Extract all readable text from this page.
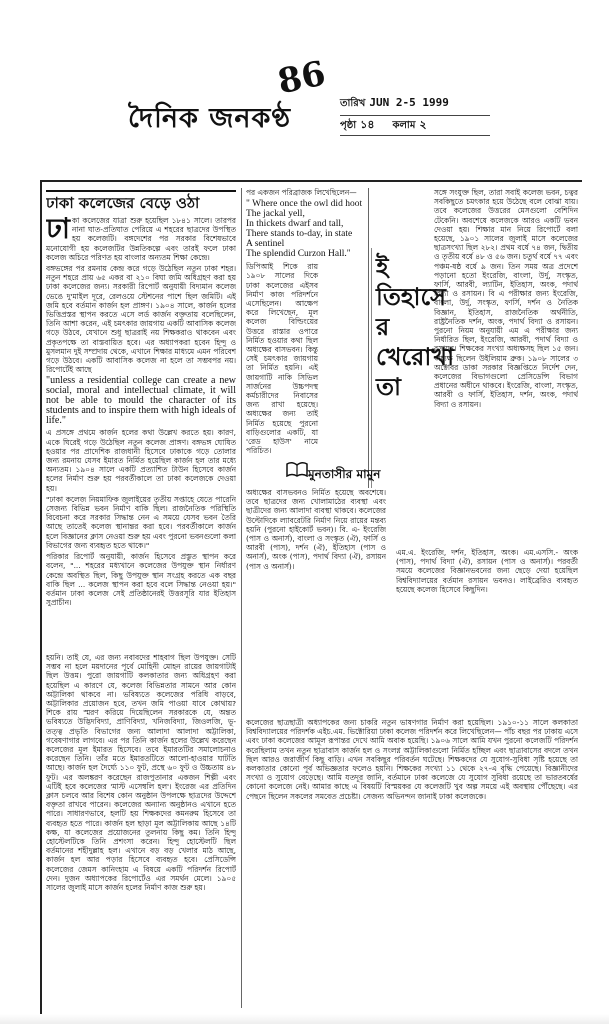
86
দৈনিক জনকণ্ঠ	তারিখ JUN 2-5 1999
পৃষ্ঠা ১৪ কলাম ২
ঢাকা কলেজের বেড়ে ওঠা

ঢাকা কলেজের যাত্রা শুরু হয়েছিল ১৮৪১ সালে। তারপর নানা ঘাত-প্রতিঘাত পেরিয়ে এ শহরের ছাত্রদের উপস্থিত হয় কলেজটি। বঙ্গদেশের পর সরকার বিশেষভাবে মনোযোগী হয় কলেজটির উন্নতিকল্পে এবং তারই ফলে ঢাকা কলেজ অচিরে পরিণত হয় বাংলার অন্যতম শিক্ষা কেন্দ্রে।

বঙ্গভঙ্গের পর রমনায় কেন্দ্র করে গড়ে উঠেছিল নতুন ঢাকা শহর। নতুন শহরে প্রায় ৬৫ একর বা ২১০ বিঘা জমি অধিগ্রহণ করা হয় ঢাকা কলেজের জন্য। সরকারী রিপোর্ট অনুযায়ী বিদ্যমান কলেজ ভেঙে দু'মাইল দূরে, রেলওয়ে স্টেশনের পাশে ছিল জমিটি। এই জমি হবে বর্তমান কার্জন হল প্রাঙ্গণ। ১৯০৪ সালে, কার্জন হলের ভিত্তিপ্রস্তর স্থাপন করতে এসে লর্ড কার্জন বক্তৃতায় বলেছিলেন, তিনি আশা করেন, এই চমৎকার জায়গায় একটি আবাসিক কলেজ গড়ে উঠবে, যেখানে শুধু ছাত্ররাই নয় শিক্ষকরাও থাকবেন এবং প্রকৃতপক্ষে তা বাস্তবায়িত হবে। এর অধ্যাপকরা হবেন হিন্দু ও মুসলমান দুই সম্প্রদায় থেকে, এখানে শিক্ষার মাধ্যমে এমন পরিবেশ গড়ে উঠবে। একটি আবাসিক কলেজ না হলে তা সম্ভবপর নয়। রিপোর্টেই আছে

"unless a residential college can create a new social, moral and intellectual climate, it will not be able to mould the character of its students and to inspire them with high ideals of life."

এ প্রসঙ্গে প্রথমে কার্জন হলের কথা উল্লেখ করতে হয়। কারণ, একে ঘিরেই গড়ে উঠেছিল নতুন কলেজ প্রাঙ্গণ। বঙ্গভঙ্গ ঘোষিত হওয়ার পর প্রাদেশিক রাজধানী হিসেবে ঢাকাকে গড়ে তোলার জন্য রমনায় যেসব ইমারত নির্মিত হয়েছিল কার্জন হল তার মধ্যে অন্যতম। ১৯০৪ সালে একটি প্রত্যাশিত টাউন হিসেবে কার্জন হলের নির্মাণ শুরু হয় পরবর্তীকালে তা ঢাকা কলেজকে দেওয়া হয়।

"ঢাকা কলেজ নিয়মাফিক জুলাইয়ের তৃতীয় সপ্তাহে যেতে পারেনি সেজন্য বিভিন্ন ভবন নির্মাণ বাকি ছিল। রাজনৈতিক পরিস্থিতি বিবেচনা করে সরকার সিদ্ধান্ত নেন এ সময়ে যেসব ভবন তৈরি আছে তাতেই কলেজ স্থানান্তর করা হবে। পরবর্তীকালে কার্জন হলে বিজ্ঞানের ক্লাস নেওয়া শুরু হয় এবং পুরনো ভবনগুলো কলা বিভাগের জন্য ব্যবহৃত হতে থাকে।"

পরিকার রিপোর্ট অনুযায়ী, কার্জন হিসেবে প্রস্তুত স্থাপন করে বলেন, "... শহরের মধ্যখানে কলেজের উপযুক্ত স্থান নির্ধারণ কেন্দ্রে অবস্থিত ছিল, কিছু উপযুক্ত স্থান সংগ্রহ করতে এক বছর বাকি ছিল ... কলেজ স্থাপন করা হবে বলে সিদ্ধান্ত নেওয়া হয়।" বর্তমান ঢাকা কলেজ সেই প্রতিষ্ঠানেরই উত্তরসূরি যার ইতিহাস সুপ্রাচীন।

পর একজন পরিব্রাজক লিখেছিলেন—

" Where once the owl did hoot
The jackal yell,
In thickets dwarf and tall,
There stands to-day, in state
A sentinel
The splendid Curzon Hall."

ডিপিআই শিকে রায় ১৯০৮ সালের দিকে ঢাকা কলেজের এইসব নির্মাণ কাজ পরিদর্শনে এসেছিলেন। আক্ষেপ করে লিখেছেন, মূল কলেজ বিল্ডিংয়ের উত্তরে রাস্তার ওপারে নির্মিত হওয়ার কথা ছিল অধ্যক্ষের বাসভবন। কিন্তু সেই চমৎকার জায়গায় তা নির্মিত হয়নি। এই জায়গাটি নাকি সিভিল সার্জনের উচ্চপদস্থ কর্মচারীদের নিবাসের জন্য রাখা হয়েছে। অধ্যক্ষের জন্য তাই নির্মিত হয়েছে পুরনো বাড়িগুলোর একটি, যা 'রেড হাউস' নামে পরিচিত।

ইতিহাসের খেরোখাতা
মুনতাসীর মামুন

সঙ্গে সংযুক্ত ছিল, তারা সবাই কলেজ ভবন, চত্বর সবকিছুতে চমৎকার হয়ে উঠেছে বলে বোঝা যায়। তবে কলেজের উত্তরের মেসগুলো বেশিদিন টেকেনি। অবশেষে কলেজকে আরও একটি ভবন দেওয়া হয়। শিক্ষার মান নিয়ে রিপোর্টে বলা হয়েছে, ১৯০১ সালের জুলাই মাসে কলেজের ছাত্রসংখ্যা ছিল ২৮২। প্রথম বর্ষে ৭৪ জন, দ্বিতীয় ও তৃতীয় বর্ষে ৪৮ ও ৫৬ জন। চতুর্থ বর্ষে ৭৭ এবং পঞ্চম-ষষ্ঠ বর্ষে ৯ জন। তিন সময় অত্র প্রদেশে পড়ানো হতো ইংরেজি, বাংলা, উর্দু, সংস্কৃত, ফার্সি, আরবী, ল্যাটিন, ইতিহাস, অংক, পদার্থ বিদ্যা ও রসায়ন। বি এ পরীক্ষার জন্য ইংরেজি, বাংলা, উর্দু, সংস্কৃত, ফার্সি, দর্শন ও নৈতিক বিজ্ঞান, ইতিহাস, রাজনৈতিক অর্থনীতি, রাষ্ট্রনৈতিক দর্শন, অংক, পদার্থ বিদ্যা ও রসায়ন। পুরনো নিয়ম অনুযায়ী এম এ পরীক্ষার জন্য নির্ধারিত ছিল, ইংরেজি, আরবী, পদার্থ বিদ্যা ও রসায়ন। শিক্ষকের সংখ্যা অধ্যক্ষসহ ছিল ১৫ জন। অধ্যক্ষ ছিলেন উইলিয়াম ব্রুক। ১৯০৮ সালের ৩ অক্টোবর ডাকা সরকার বিজ্ঞপ্তিতে নির্দেশ দেন, কলেজের বিভাগগুলো প্রেসিডেন্সি বিভাগ প্রধানের অধীনে থাকবে। ইংরেজি, বাংলা, সংস্কৃত, আরবী ও ফার্সি, ইতিহাস, দর্শন, অংক, পদার্থ বিদ্যা ও রসায়ন।

হয়নি। তাই যে, এর জন্য নবাবদের শাহবাগ ছিল উপযুক্ত। সেটি সম্ভব না হলে ময়দানের পূর্বে মোহিনী মোহন রায়ের জায়গাটাই ছিল উত্তম। পুরো জায়গাটি কলকাতার জন্য অধিগ্রহণ করা হয়েছিল এ কারণে যে, কলেজ বিভিন্নতার সামনে আর কোন অট্টালিকা থাকবে না। ভবিষ্যতে কলেজের পরিধি বাড়বে, অট্টালিকার প্রয়োজন হবে, তখন জমি পাওয়া যাবে কোথায়? শিকে রায় স্মরণ করিয়ে দিয়েছিলেন সরকারকে যে, অন্তত ভবিষ্যতে উদ্ভিদবিদ্যা, প্রাণিবিদ্যা, খনিজবিদ্যা, জিওলজি, ভূ-তত্ত্ব প্রভৃতি বিভাগের জন্য আলাদা আলাদা অট্টালিকা, গবেষণাগার লাগবে। এর পর তিনি কার্জন হলের উল্লেখ করেছেন কলেজের মূল ইমারত হিসেবে। তবে ইমারতটির সমালোচনাও করেছেন তিনি। তাঁর মতে ইমারতটিতে আলো-হাওয়ার ঘাটতি আছে। কার্জন হল দৈর্ঘ্যে ১১০ ফুট, প্রস্থে ৬০ ফুট ও উচ্চতায় ৪৮ ফুট। এর অলঙ্করণ করেছেন রাজপুতানার একজন শিল্পী এবং এটিই হবে কলেজের 'মাস্ট এসেম্বলি হল'। ইংরেজ এর প্রতিদিন ক্লাস চলবে আর বিশেষ কোন অনুষ্ঠান উপলক্ষে ছাত্রদের উদ্দেশে বক্তৃতা রাখবে পারেন। কলেজের অন্যান্য অনুষ্ঠানও এখানে হতে পারে। সাধারণভাবে, হলটি হয় শিক্ষকদের কমনরুম হিসেবে তা ব্যবহৃত হতে পারে। কার্জন হল ছাড়া মূল অট্টালিকায় আছে ১৪টি কক্ষ, যা কলেজের প্রয়োজনের তুলনায় কিছু কম। তিনি হিন্দু হোস্টেলটিকে তিনি প্রশংসা করেন। হিন্দু হোস্টেলটি ছিল বর্তমানের শহীদুল্লাহ হল। এখানে বড় বড় খেলার মাঠ আছে, কার্জন হল আর পড়ার হিসেবে ব্যবহৃত হবে। প্রেসিডেন্সি কলেজের জেমস কানিংহাম এ বিষয়ে একটি পরিদর্শন রিপোর্ট দেন। দুজন অধ্যাপকের রিপোর্টেও এর সমর্থন মেলে। ১৯০৫ সালের জুলাই মাসে কার্জন হলের নির্মাণ কাজ শুরু হয়।

অধ্যক্ষের বাসভবনও নির্মিত হয়েছে অবশেষে। তবে ছাত্রদের জন্য খোলামাঠের ব্যবস্থা এবং ছাত্রীদের জন্য আলাদা ব্যবস্থা থাকবে। কলেজের উল্টোদিকে ল্যাবরেটরি নির্মাণ নিয়ে রায়ের মন্তব্য হয়নি (পুরনো হাইকোর্ট ভবন)। বি. এ- ইংরেজি (পাস ও অনার্স), বাংলা ও সংস্কৃত (ঐ), ফার্সি ও আরবী (পাস), দর্শন (ঐ), ইতিহাস (পাস ও অনার্স), অংক (পাস), পদার্থ বিদ্যা (ঐ), রসায়ন (পাস ও অনার্স)।

এম.এ. ইংরেজি, দর্শন, ইতিহাস, অংক। এম.এসসি.- অংক (পাস), পদার্থ বিদ্যা (ঐ), রসায়ন (পাস ও অনার্স)। পরবর্তী সময়ে কলেজের বিজ্ঞানভবনের জন্য ছেড়ে দেয়া হয়েছিল বিশ্ববিদ্যালয়ের বর্তমান রসায়ন ভবনও। লাইব্রেরিও ব্যবহৃত হয়েছে কলেজ হিসেবে কিছুদিন।

কলেজের ছাত্রছাত্রী অধ্যাপকের জন্য চাকরি নতুন ভাষণগার নির্মাণ করা হয়েছিল। ১৯১০-১১ সালে কলকাতা বিশ্ববিদ্যালয়ের পরিদর্শক এইচ.এম. ভিক্টোরিয়া ঢাকা কলেজ পরিদর্শন করে লিখেছিলেন— পাঁচ বছর পর ঢাকায় এসে এবং ঢাকা কলেজের আমূল রূপান্তর দেখে আমি অবাক হয়েছি। ১৯০৬ সালে আমি যখন পুরনো কলেজটি পরিদর্শন করেছিলাম তখন নতুন ছাত্রাবাস কার্জন হল ও সংলগ্ন অট্টালিকাগুলো নির্মিত হচ্ছিল এবং ছাত্রাবাসের বদলে তখন ছিল আরও জরাজীর্ণ কিছু বাড়ি। এখন সবকিছুর পরিবর্তন ঘটেছে। শিক্ষকদের যে সুযোগ-সুবিধা সৃষ্টি হয়েছে তা কলকাতার কোনো পূর্ব অভিজ্ঞতার ফলেও হয়নি। শিক্ষকের সংখ্যা ১১ থেকে ২৭-এ বৃদ্ধি পেয়েছে। বিজ্ঞানীদের সংখ্যা ও সুযোগ বেড়েছে। আমি যতদূর জানি, বর্তমানে ঢাকা কলেজে যে সুযোগ সুবিধা রয়েছে তা ভারতবর্ষের কোনো কলেজে নেই। আমার কাছে এ বিষয়টি বিস্ময়কর যে কলেজটি খুব অল্প সময়ে এই অবস্থায় পৌঁছেছে। এর পেছনে ছিলেন সকলের সমবেত প্রচেষ্টা। সেজন্য অভিনন্দন জানাই ঢাকা কলেজকে।
